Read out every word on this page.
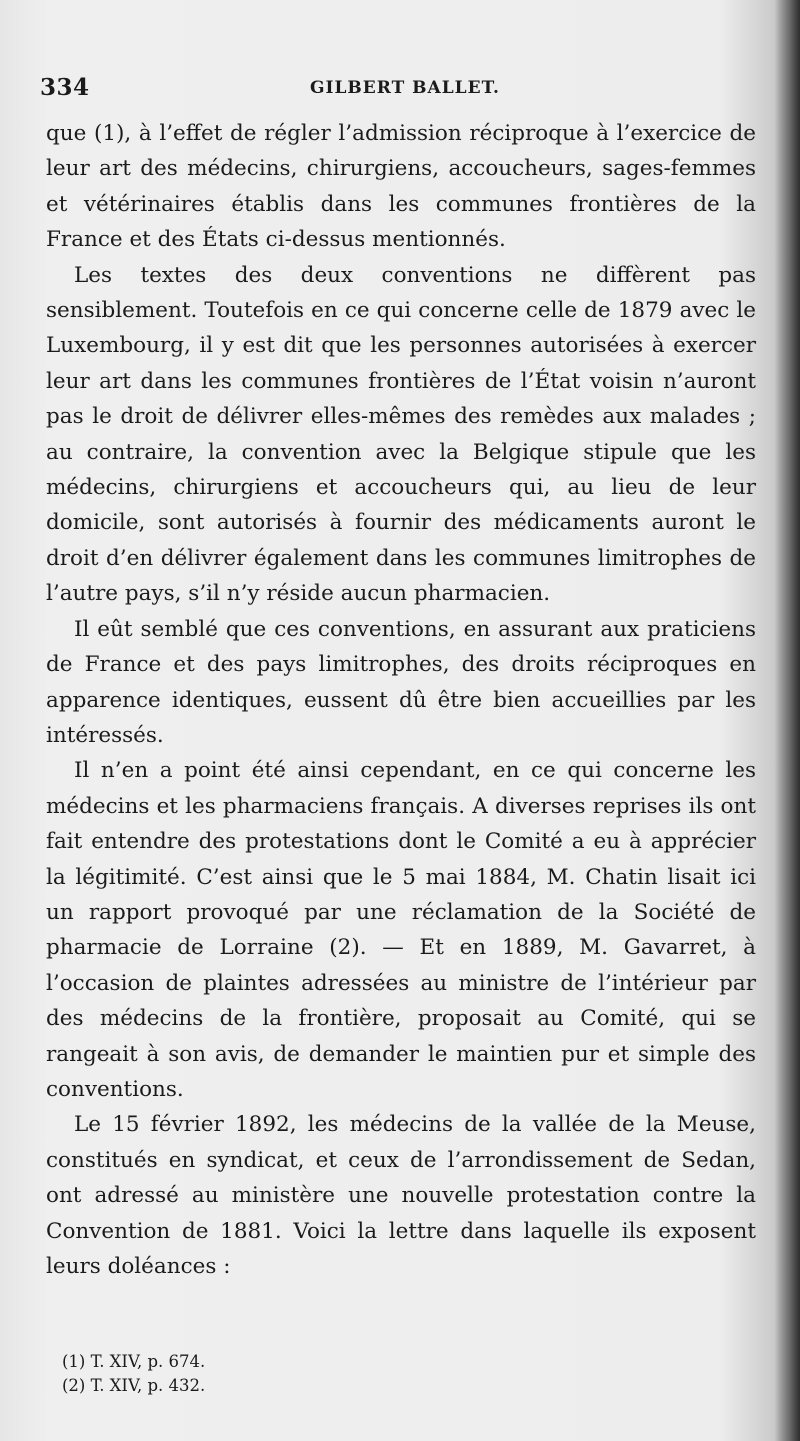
334	GILBERT BALLET.

que (1), à l’effet de régler l’admission réciproque à l’exercice de leur art des médecins, chirurgiens, accoucheurs, sages-femmes et vétérinaires établis dans les communes frontières de la France et des États ci-dessus mentionnés.

Les textes des deux conventions ne diffèrent pas sensiblement. Toutefois en ce qui concerne celle de 1879 avec le Luxembourg, il y est dit que les personnes autorisées à exercer leur art dans les communes frontières de l’État voisin n’auront pas le droit de délivrer elles-mêmes des remèdes aux malades ; au contraire, la convention avec la Belgique stipule que les médecins, chirurgiens et accoucheurs qui, au lieu de leur domicile, sont autorisés à fournir des médicaments auront le droit d’en délivrer également dans les communes limitrophes de l’autre pays, s’il n’y réside aucun pharmacien.

Il eût semblé que ces conventions, en assurant aux praticiens de France et des pays limitrophes, des droits réciproques en apparence identiques, eussent dû être bien accueillies par les intéressés.

Il n’en a point été ainsi cependant, en ce qui concerne les médecins et les pharmaciens français. A diverses reprises ils ont fait entendre des protestations dont le Comité a eu à apprécier la légitimité. C’est ainsi que le 5 mai 1884, M. Chatin lisait ici un rapport provoqué par une réclamation de la Société de pharmacie de Lorraine (2). — Et en 1889, M. Gavarret, à l’occasion de plaintes adressées au ministre de l’intérieur par des médecins de la frontière, proposait au Comité, qui se rangeait à son avis, de demander le maintien pur et simple des conventions.

Le 15 février 1892, les médecins de la vallée de la Meuse, constitués en syndicat, et ceux de l’arrondissement de Sedan, ont adressé au ministère une nouvelle protestation contre la Convention de 1881. Voici la lettre dans laquelle ils exposent leurs doléances :

(1) T. XIV, p. 674.
(2) T. XIV, p. 432.
